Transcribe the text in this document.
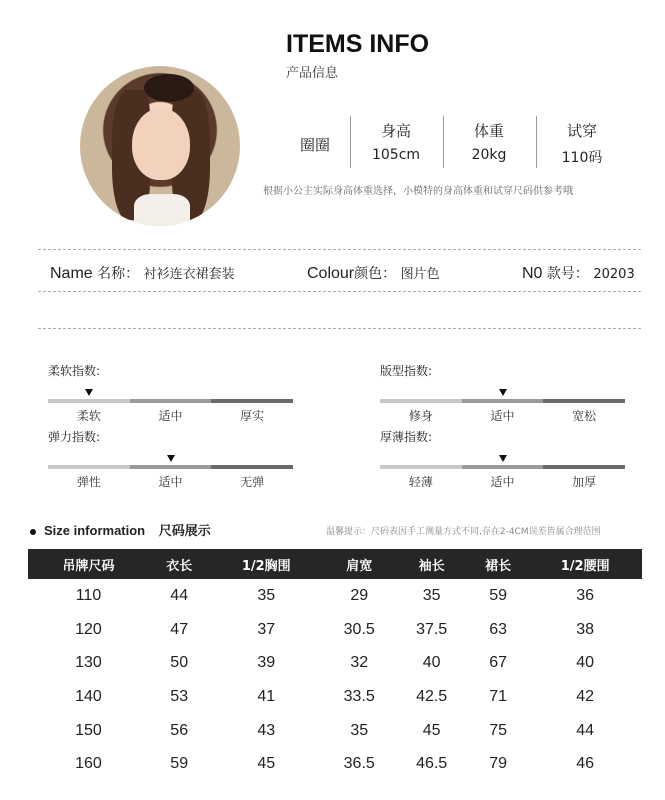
ITEMS INFO
产品信息
圈圈
身高
105cm
体重
20kg
试穿
110码
根据小公主实际身高体重选择，小模特的身高体重和试穿尺码供参考哦
Name 名称： 衬衫连衣裙套装	Colour颜色： 图片色	N0 款号： 20203
柔软指数:
柔软	适中	厚实
版型指数:
修身	适中	宽松
弹力指数:
弹性	适中	无弹
厚薄指数:
轻薄	适中	加厚
Size information 尺码展示	温馨提示：尺码表因手工测量方式不同,存在2-4CM误差皆属合理范围
吊牌尺码	衣长	1/2胸围	肩宽	袖长	裙长	1/2腰围
110	44	35	29	35	59	36
120	47	37	30.5	37.5	63	38
130	50	39	32	40	67	40
140	53	41	33.5	42.5	71	42
150	56	43	35	45	75	44
160	59	45	36.5	46.5	79	46
